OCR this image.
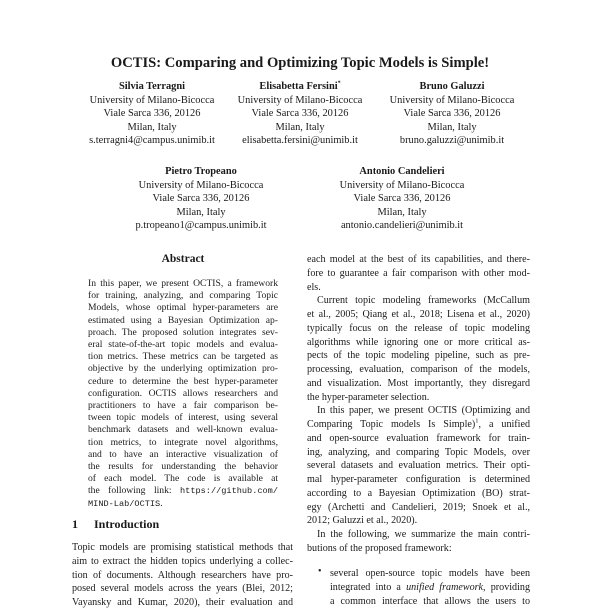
OCTIS: Comparing and Optimizing Topic Models is Simple!
Silvia Terragni
University of Milano-Bicocca
Viale Sarca 336, 20126
Milan, Italy
s.terragni4@campus.unimib.it
Elisabetta Fersini*
University of Milano-Bicocca
Viale Sarca 336, 20126
Milan, Italy
elisabetta.fersini@unimib.it
Bruno Galuzzi
University of Milano-Bicocca
Viale Sarca 336, 20126
Milan, Italy
bruno.galuzzi@unimib.it
Pietro Tropeano
University of Milano-Bicocca
Viale Sarca 336, 20126
Milan, Italy
p.tropeano1@campus.unimib.it
Antonio Candelieri
University of Milano-Bicocca
Viale Sarca 336, 20126
Milan, Italy
antonio.candelieri@unimib.it
Abstract
In this paper, we present OCTIS, a framework
for training, analyzing, and comparing Topic
Models, whose optimal hyper-parameters are
estimated using a Bayesian Optimization ap-
proach. The proposed solution integrates sev-
eral state-of-the-art topic models and evalua-
tion metrics. These metrics can be targeted as
objective by the underlying optimization pro-
cedure to determine the best hyper-parameter
configuration. OCTIS allows researchers and
practitioners to have a fair comparison be-
tween topic models of interest, using several
benchmark datasets and well-known evalua-
tion metrics, to integrate novel algorithms,
and to have an interactive visualization of
the results for understanding the behavior
of each model. The code is available at
the following link: https://github.com/
MIND-Lab/OCTIS.
1 Introduction
Topic models are promising statistical methods that
aim to extract the hidden topics underlying a collec-
tion of documents. Although researchers have pro-
posed several models across the years (Blei, 2012;
Vayansky and Kumar, 2020), their evaluation and
each model at the best of its capabilities, and there-
fore to guarantee a fair comparison with other mod-
els.
Current topic modeling frameworks (McCallum
et al., 2005; Qiang et al., 2018; Lisena et al., 2020)
typically focus on the release of topic modeling
algorithms while ignoring one or more critical as-
pects of the topic modeling pipeline, such as pre-
processing, evaluation, comparison of the models,
and visualization. Most importantly, they disregard
the hyper-parameter selection.
In this paper, we present OCTIS (Optimizing and
Comparing Topic models Is Simple)$^1$, a unified
and open-source evaluation framework for train-
ing, analyzing, and comparing Topic Models, over
several datasets and evaluation metrics. Their opti-
mal hyper-parameter configuration is determined
according to a Bayesian Optimization (BO) strat-
egy (Archetti and Candelieri, 2019; Snoek et al.,
2012; Galuzzi et al., 2020).
In the following, we summarize the main contri-
butions of the proposed framework:
• several open-source topic models have been
integrated into a unified framework, providing
a common interface that allows the users to
